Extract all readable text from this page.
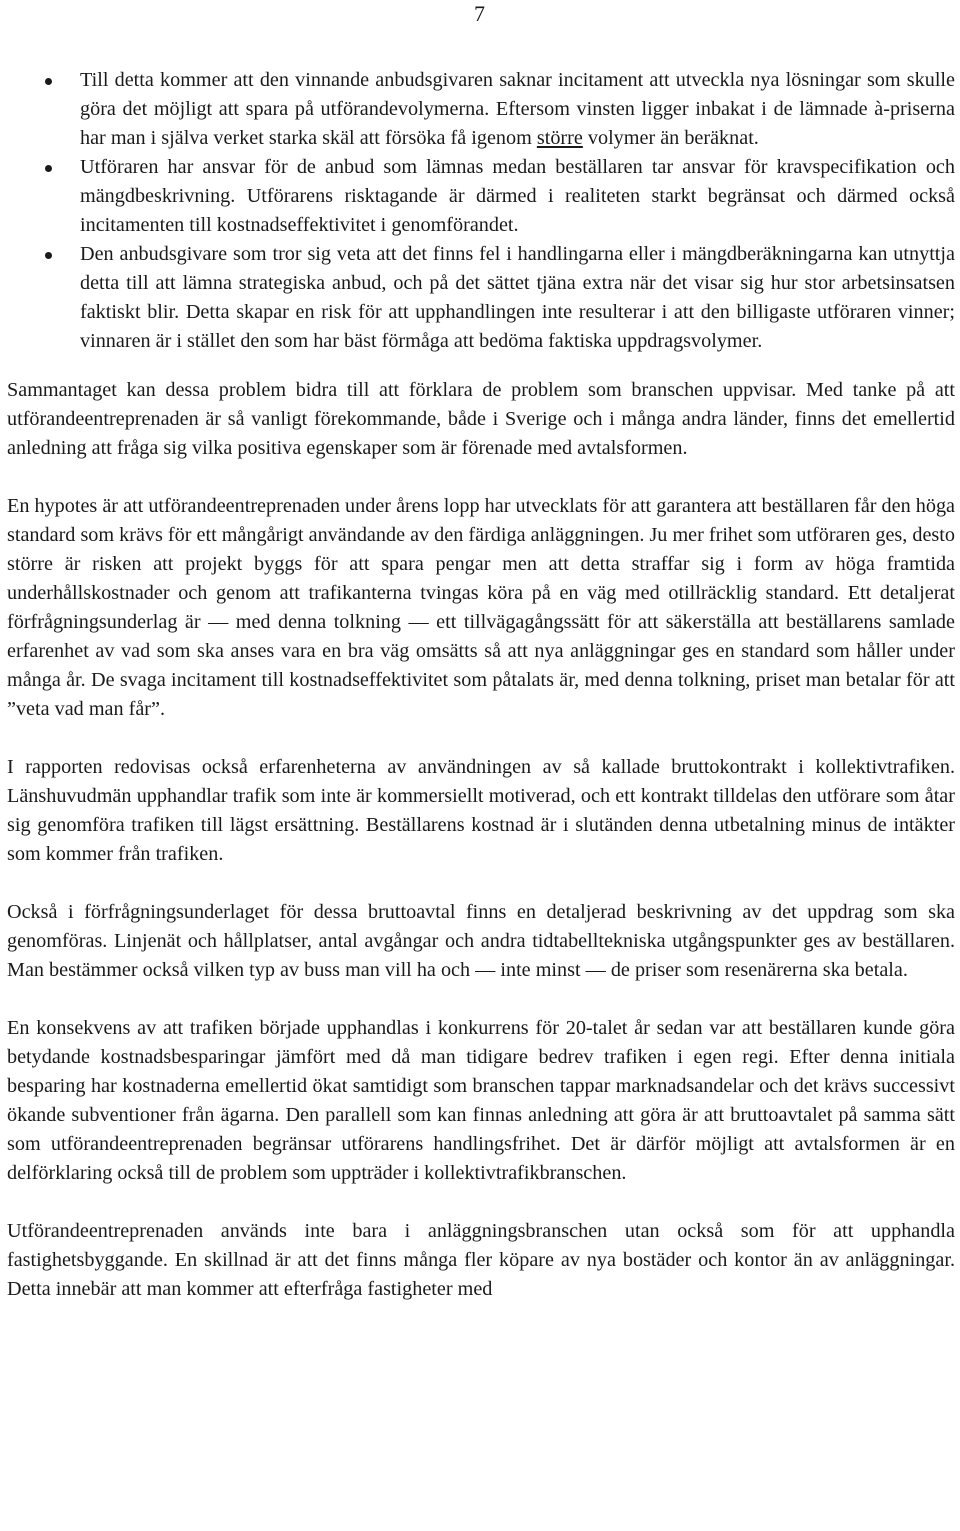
7
Till detta kommer att den vinnande anbudsgivaren saknar incitament att utveckla nya lösningar som skulle göra det möjligt att spara på utförandevolymerna. Eftersom vinsten ligger inbakat i de lämnade à-priserna har man i själva verket starka skäl att försöka få igenom större volymer än beräknat.
Utföraren har ansvar för de anbud som lämnas medan beställaren tar ansvar för kravspecifikation och mängdbeskrivning. Utförarens risktagande är därmed i realiteten starkt begränsat och därmed också incitamenten till kostnadseffektivitet i genomförandet.
Den anbudsgivare som tror sig veta att det finns fel i handlingarna eller i mängdberäkningarna kan utnyttja detta till att lämna strategiska anbud, och på det sättet tjäna extra när det visar sig hur stor arbetsinsatsen faktiskt blir. Detta skapar en risk för att upphandlingen inte resulterar i att den billigaste utföraren vinner; vinnaren är i stället den som har bäst förmåga att bedöma faktiska uppdragsvolymer.

Sammantaget kan dessa problem bidra till att förklara de problem som branschen uppvisar. Med tanke på att utförandeentreprenaden är så vanligt förekommande, både i Sverige och i många andra länder, finns det emellertid anledning att fråga sig vilka positiva egenskaper som är förenade med avtalsformen.

En hypotes är att utförandeentreprenaden under årens lopp har utvecklats för att garantera att beställaren får den höga standard som krävs för ett mångårigt användande av den färdiga anläggningen. Ju mer frihet som utföraren ges, desto större är risken att projekt byggs för att spara pengar men att detta straffar sig i form av höga framtida underhållskostnader och genom att trafikanterna tvingas köra på en väg med otillräcklig standard. Ett detaljerat förfrågningsunderlag är — med denna tolkning — ett tillvägagångssätt för att säkerställa att beställarens samlade erfarenhet av vad som ska anses vara en bra väg omsätts så att nya anläggningar ges en standard som håller under många år. De svaga incitament till kostnadseffektivitet som påtalats är, med denna tolkning, priset man betalar för att ”veta vad man får”.

I rapporten redovisas också erfarenheterna av användningen av så kallade bruttokontrakt i kollektivtrafiken. Länshuvudmän upphandlar trafik som inte är kommersiellt motiverad, och ett kontrakt tilldelas den utförare som åtar sig genomföra trafiken till lägst ersättning. Beställarens kostnad är i slutänden denna utbetalning minus de intäkter som kommer från trafiken.

Också i förfrågningsunderlaget för dessa bruttoavtal finns en detaljerad beskrivning av det uppdrag som ska genomföras. Linjenät och hållplatser, antal avgångar och andra tidtabelltekniska utgångspunkter ges av beställaren. Man bestämmer också vilken typ av buss man vill ha och — inte minst — de priser som resenärerna ska betala.

En konsekvens av att trafiken började upphandlas i konkurrens för 20-talet år sedan var att beställaren kunde göra betydande kostnadsbesparingar jämfört med då man tidigare bedrev trafiken i egen regi. Efter denna initiala besparing har kostnaderna emellertid ökat samtidigt som branschen tappar marknadsandelar och det krävs successivt ökande subventioner från ägarna. Den parallell som kan finnas anledning att göra är att bruttoavtalet på samma sätt som utförandeentreprenaden begränsar utförarens handlingsfrihet. Det är därför möjligt att avtalsformen är en delförklaring också till de problem som uppträder i kollektivtrafikbranschen.

Utförandeentreprenaden används inte bara i anläggningsbranschen utan också som för att upphandla fastighetsbyggande. En skillnad är att det finns många fler köpare av nya bostäder och kontor än av anläggningar. Detta innebär att man kommer att efterfråga fastigheter med
